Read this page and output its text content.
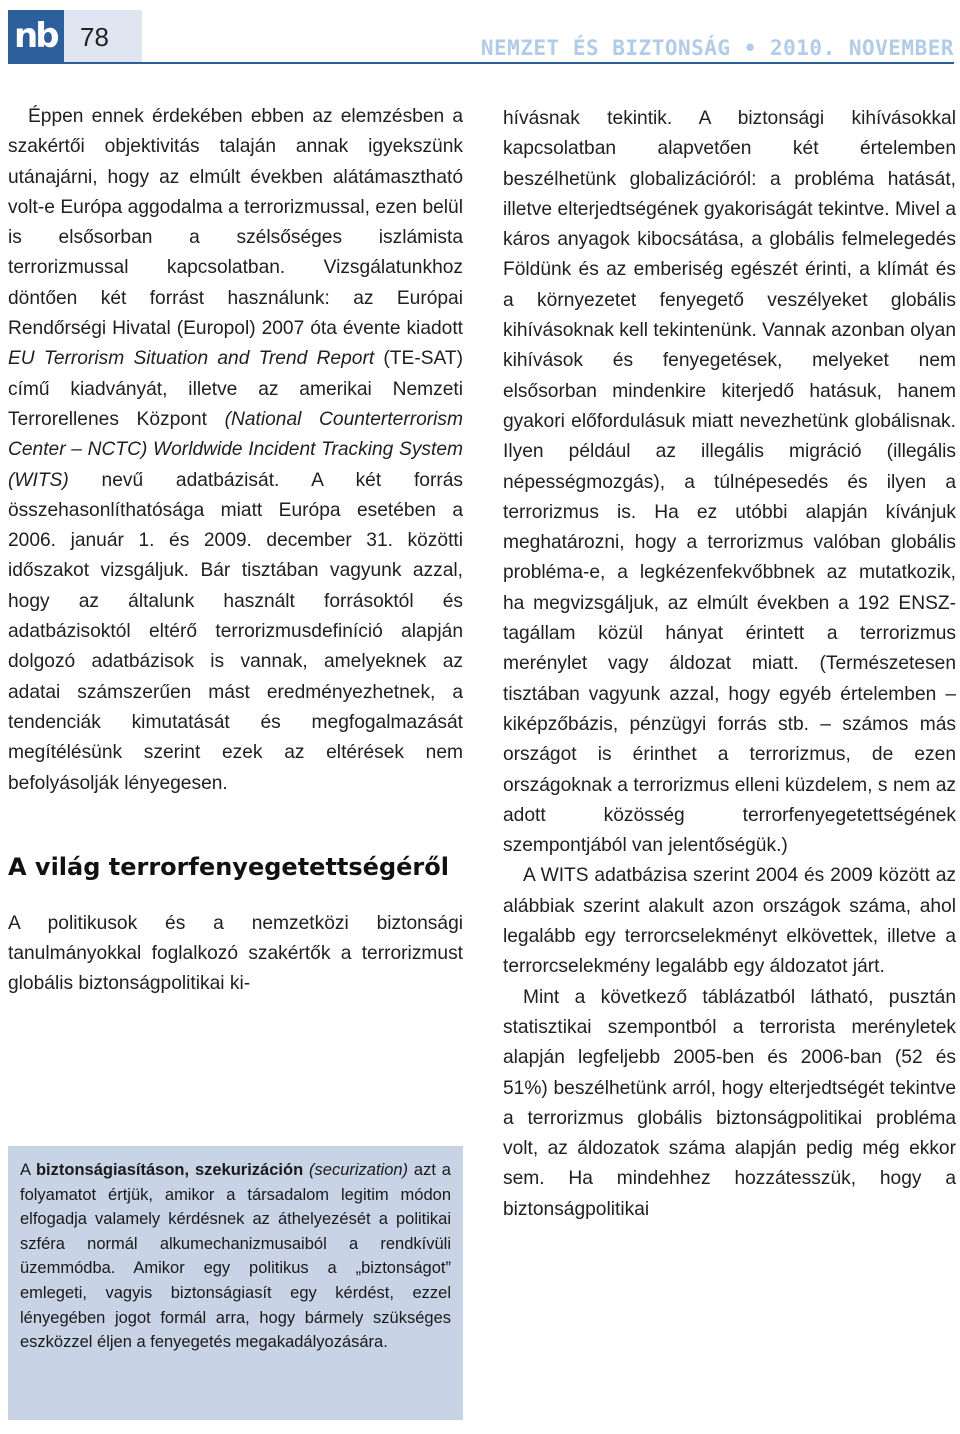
nb 78	NEMZET ÉS BIZTONSÁG • 2010. NOVEMBER

Éppen ennek érdekében ebben az elemzésben a szakértői objektivitás talaján annak igyekszünk utánajárni, hogy az elmúlt években alátámasztható volt-e Európa aggodalma a terrorizmussal, ezen belül is elsősorban a szélsőséges iszlámista terrorizmussal kapcsolatban. Vizsgálatunkhoz döntően két forrást használunk: az Európai Rendőrségi Hivatal (Europol) 2007 óta évente kiadott EU Terrorism Situation and Trend Report (TE-SAT) című kiadványát, illetve az amerikai Nemzeti Terrorellenes Központ (National Counterterrorism Center – NCTC) Worldwide Incident Tracking System (WITS) nevű adatbázisát. A két forrás összehasonlíthatósága miatt Európa esetében a 2006. január 1. és 2009. december 31. közötti időszakot vizsgáljuk. Bár tisztában vagyunk azzal, hogy az általunk használt forrásoktól és adatbázisoktól eltérő terrorizmusdefiníció alapján dolgozó adatbázisok is vannak, amelyeknek az adatai számszerűen mást eredményezhetnek, a tendenciák kimutatását és megfogalmazását megítélésünk szerint ezek az eltérések nem befolyásolják lényegesen.

A világ terrorfenyegetettségéről

A politikusok és a nemzetközi biztonsági tanulmányokkal foglalkozó szakértők a terrorizmust globális biztonságpolitikai ki-

A biztonságiasításon, szekurizáción (securization) azt a folyamatot értjük, amikor a társadalom legitim módon elfogadja valamely kérdésnek az áthelyezését a politikai szféra normál alkumechanizmusaiból a rendkívüli üzemmódba. Amikor egy politikus a „biztonságot” emlegeti, vagyis biztonságiasít egy kérdést, ezzel lényegében jogot formál arra, hogy bármely szükséges eszközzel éljen a fenyegetés megakadályozására.

hívásnak tekintik. A biztonsági kihívásokkal kapcsolatban alapvetően két értelemben beszélhetünk globalizációról: a probléma hatását, illetve elterjedtségének gyakoriságát tekintve. Mivel a káros anyagok kibocsátása, a globális felmelegedés Földünk és az emberiség egészét érinti, a klímát és a környezetet fenyegető veszélyeket globális kihívásoknak kell tekintenünk. Vannak azonban olyan kihívások és fenyegetések, melyeket nem elsősorban mindenkire kiterjedő hatásuk, hanem gyakori előfordulásuk miatt nevezhetünk globálisnak. Ilyen például az illegális migráció (illegális népességmozgás), a túlnépesedés és ilyen a terrorizmus is. Ha ez utóbbi alapján kívánjuk meghatározni, hogy a terrorizmus valóban globális probléma-e, a legkézenfekvőbbnek az mutatkozik, ha megvizsgáljuk, az elmúlt években a 192 ENSZ-tagállam közül hányat érintett a terrorizmus merénylet vagy áldozat miatt. (Természetesen tisztában vagyunk azzal, hogy egyéb értelemben – kiképzőbázis, pénzügyi forrás stb. – számos más országot is érinthet a terrorizmus, de ezen országoknak a terrorizmus elleni küzdelem, s nem az adott közösség terrorfenyegetettségének szempontjából van jelentőségük.)

A WITS adatbázisa szerint 2004 és 2009 között az alábbiak szerint alakult azon országok száma, ahol legalább egy terrorcselekményt elkövettek, illetve a terrorcselekmény legalább egy áldozatot járt.

Mint a következő táblázatból látható, pusztán statisztikai szempontból a terrorista merényletek alapján legfeljebb 2005-ben és 2006-ban (52 és 51%) beszélhetünk arról, hogy elterjedtségét tekintve a terrorizmus globális biztonságpolitikai probléma volt, az áldozatok száma alapján pedig még ekkor sem. Ha mindehhez hozzátesszük, hogy a biztonságpolitikai
